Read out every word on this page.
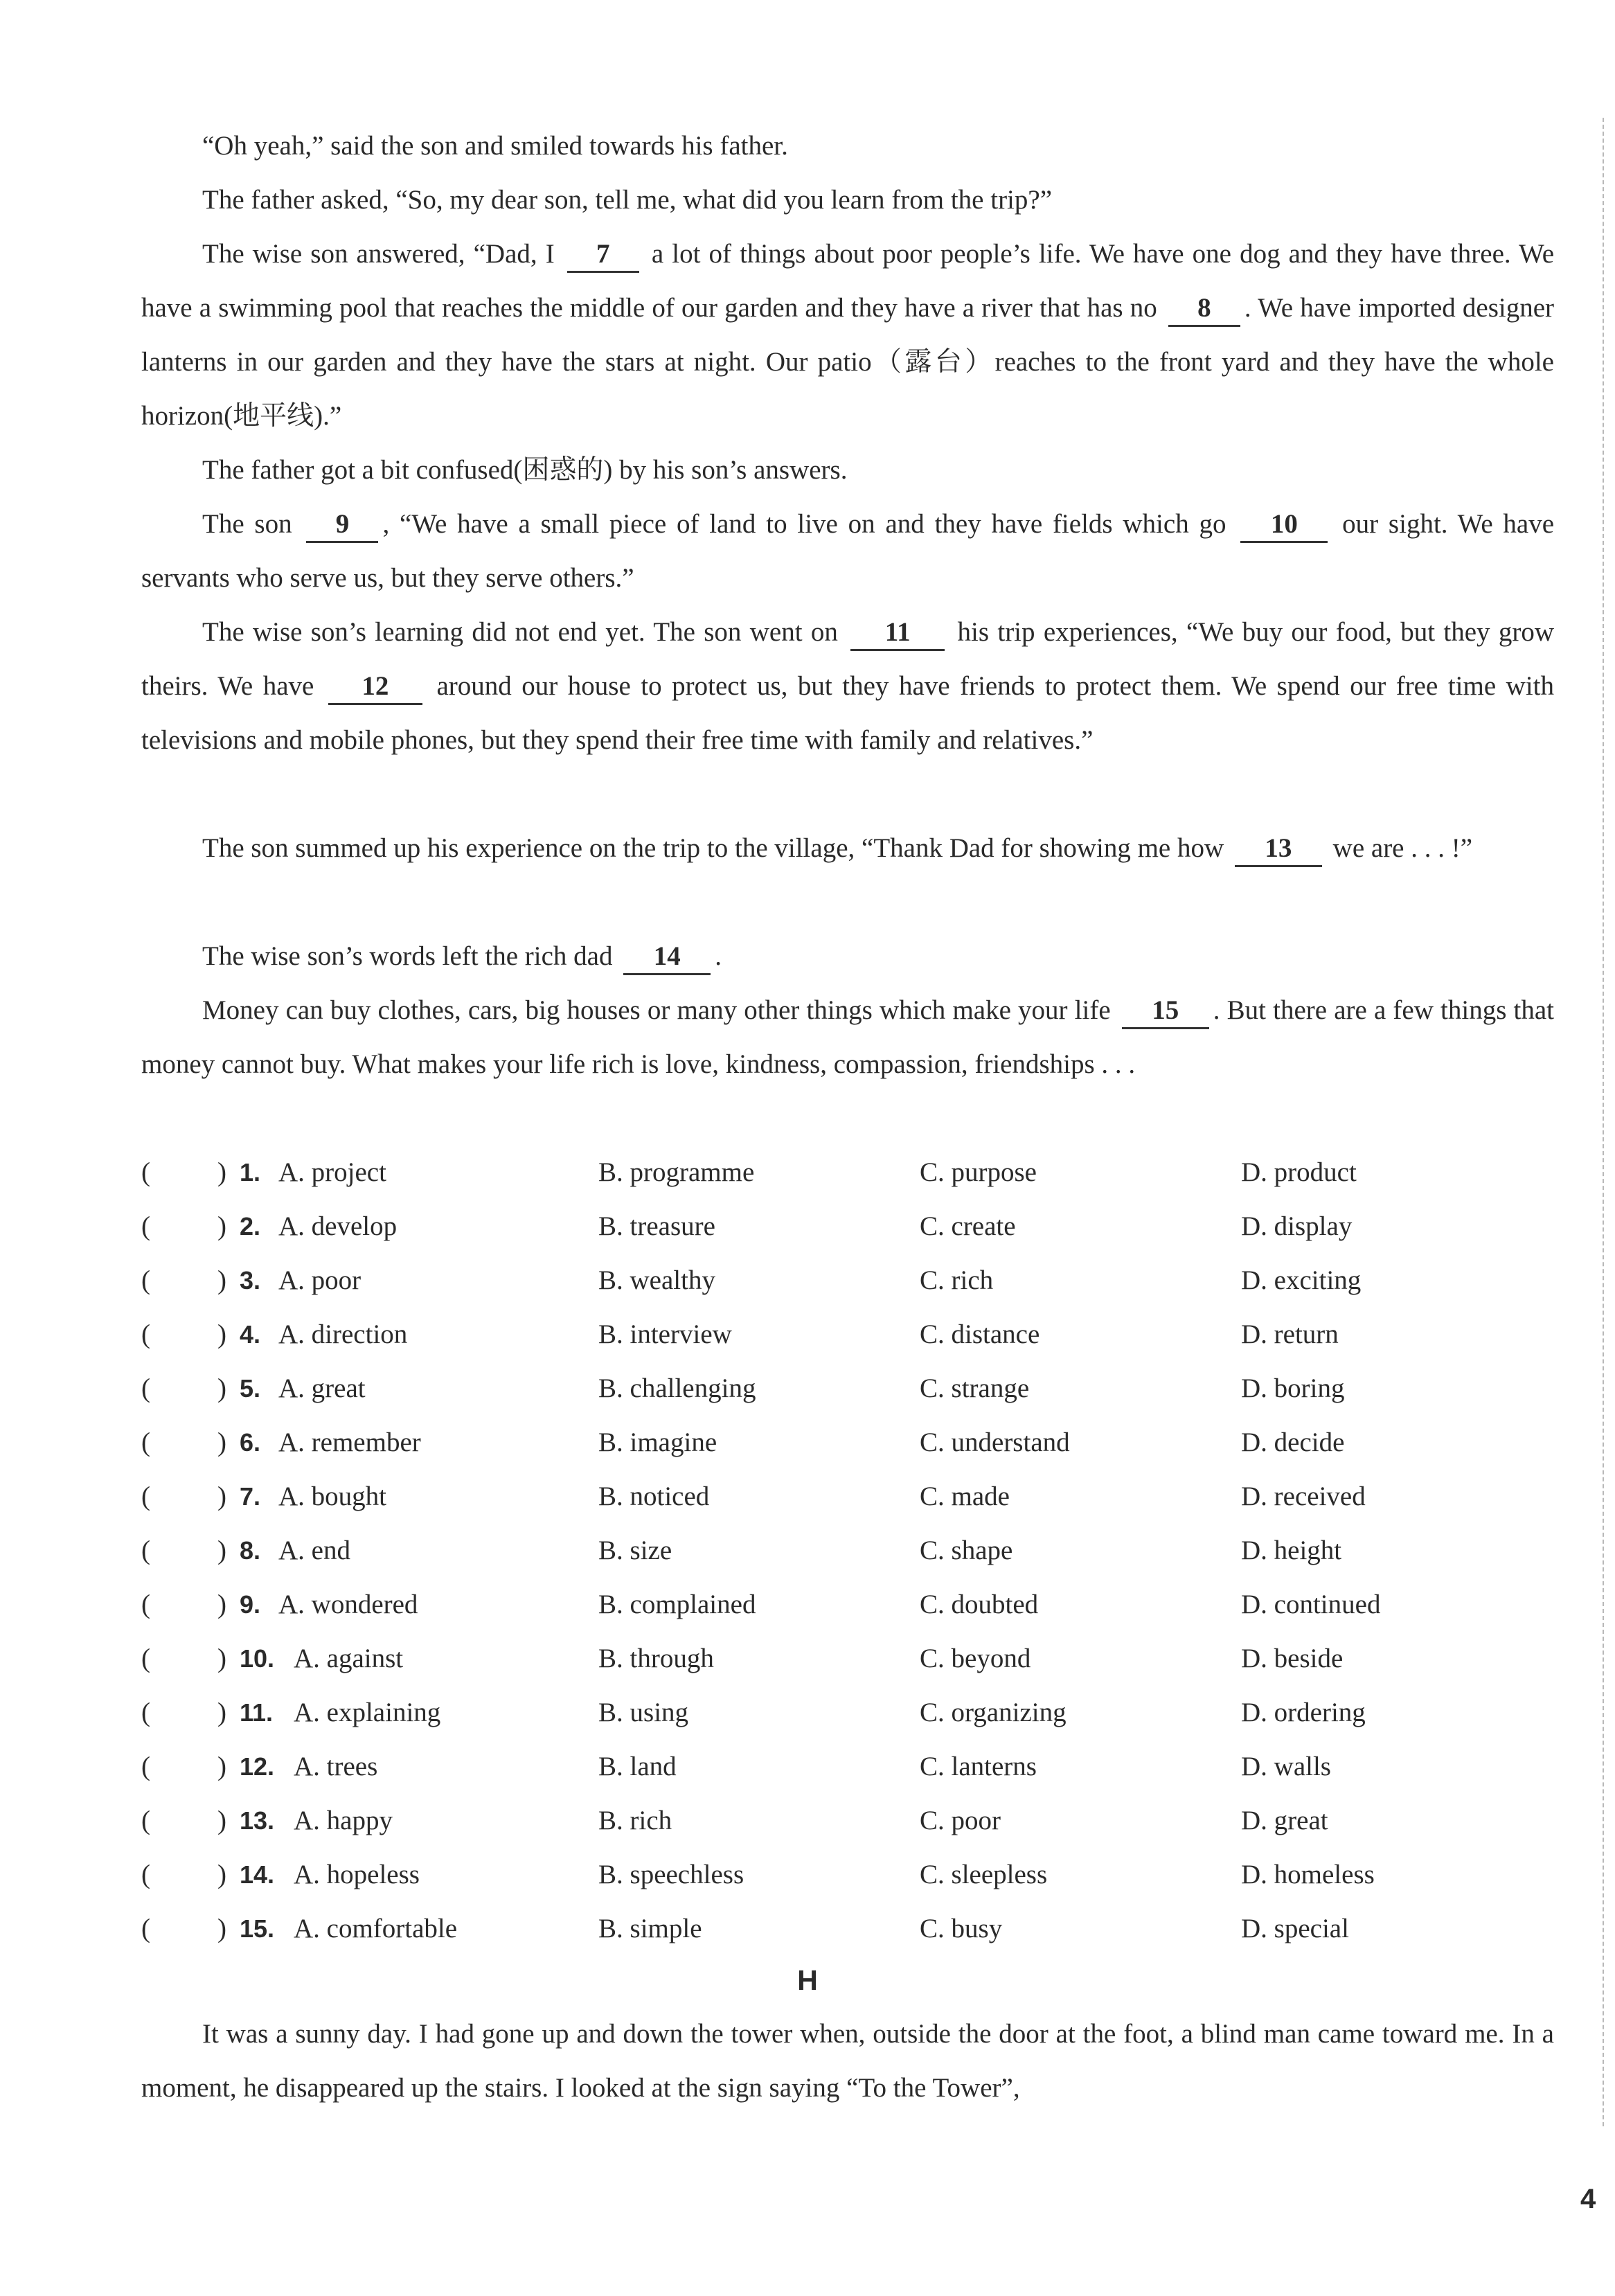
“Oh yeah,” said the son and smiled towards his father.

The father asked, “So, my dear son, tell me, what did you learn from the trip?”

The wise son answered, “Dad, I 7 a lot of things about poor people’s life. We have one dog and they have three. We have a swimming pool that reaches the middle of our garden and they have a river that has no 8 . We have imported designer lanterns in our garden and they have the stars at night. Our patio（露台）reaches to the front yard and they have the whole horizon(地平线).”

The father got a bit confused(困惑的) by his son’s answers.

The son 9 , “We have a small piece of land to live on and they have fields which go 10 our sight. We have servants who serve us, but they serve others.”

The wise son’s learning did not end yet. The son went on 11 his trip experiences, “We buy our food, but they grow theirs. We have 12 around our house to protect us, but they have friends to protect them. We spend our free time with televisions and mobile phones, but they spend their free time with family and relatives.”

The son summed up his experience on the trip to the village, “Thank Dad for showing me how 13 we are . . . !”

The wise son’s words left the rich dad 14 .

Money can buy clothes, cars, big houses or many other things which make your life 15 . But there are a few things that money cannot buy. What makes your life rich is love, kindness, compassion, friendships . . .

( ) 1. A. project	B. programme	C. purpose	D. product
( ) 2. A. develop	B. treasure	C. create	D. display
( ) 3. A. poor	B. wealthy	C. rich	D. exciting
( ) 4. A. direction	B. interview	C. distance	D. return
( ) 5. A. great	B. challenging	C. strange	D. boring
( ) 6. A. remember	B. imagine	C. understand	D. decide
( ) 7. A. bought	B. noticed	C. made	D. received
( ) 8. A. end	B. size	C. shape	D. height
( ) 9. A. wondered	B. complained	C. doubted	D. continued
( ) 10. A. against	B. through	C. beyond	D. beside
( ) 11. A. explaining	B. using	C. organizing	D. ordering
( ) 12. A. trees	B. land	C. lanterns	D. walls
( ) 13. A. happy	B. rich	C. poor	D. great
( ) 14. A. hopeless	B. speechless	C. sleepless	D. homeless
( ) 15. A. comfortable	B. simple	C. busy	D. special
H

It was a sunny day. I had gone up and down the tower when, outside the door at the foot, a blind man came toward me. In a moment, he disappeared up the stairs. I looked at the sign saying “To the Tower”,

4
